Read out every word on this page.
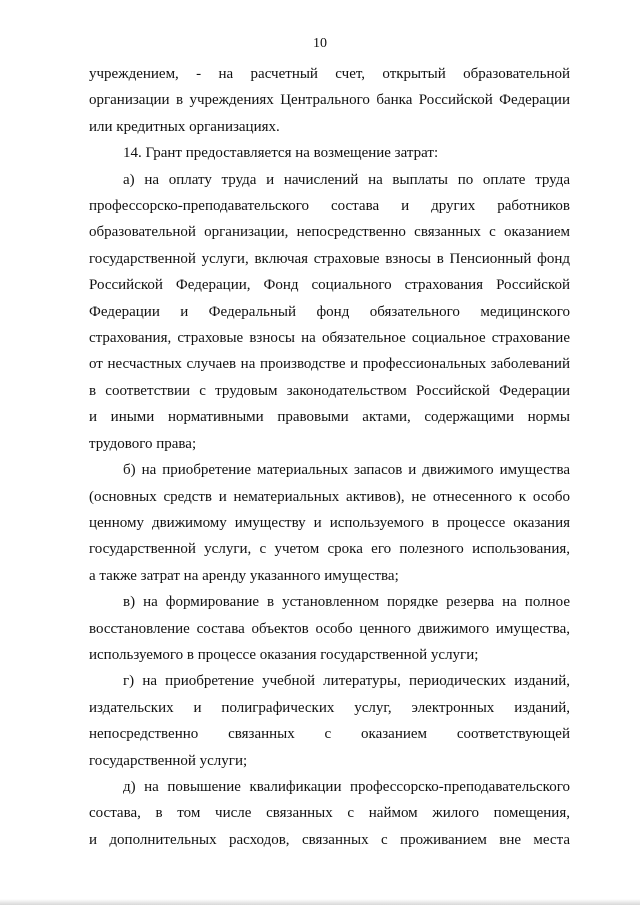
10

учреждением, - на расчетный счет, открытый образовательной
организации в учреждениях Центрального банка Российской Федерации
или кредитных организациях.

14. Грант предоставляется на возмещение затрат:

а) на оплату труда и начислений на выплаты по оплате труда
профессорско-преподавательского состава и других работников
образовательной организации, непосредственно связанных с оказанием
государственной услуги, включая страховые взносы в Пенсионный фонд
Российской Федерации, Фонд социального страхования Российской
Федерации и Федеральный фонд обязательного медицинского
страхования, страховые взносы на обязательное социальное страхование
от несчастных случаев на производстве и профессиональных заболеваний
в соответствии с трудовым законодательством Российской Федерации
и иными нормативными правовыми актами, содержащими нормы
трудового права;

б) на приобретение материальных запасов и движимого имущества
(основных средств и нематериальных активов), не отнесенного к особо
ценному движимому имуществу и используемого в процессе оказания
государственной услуги, с учетом срока его полезного использования,
а также затрат на аренду указанного имущества;

в) на формирование в установленном порядке резерва на полное
восстановление состава объектов особо ценного движимого имущества,
используемого в процессе оказания государственной услуги;

г) на приобретение учебной литературы, периодических изданий,
издательских и полиграфических услуг, электронных изданий,
непосредственно связанных с оказанием соответствующей
государственной услуги;

д) на повышение квалификации профессорско-преподавательского
состава, в том числе связанных с наймом жилого помещения,
и дополнительных расходов, связанных с проживанием вне места
